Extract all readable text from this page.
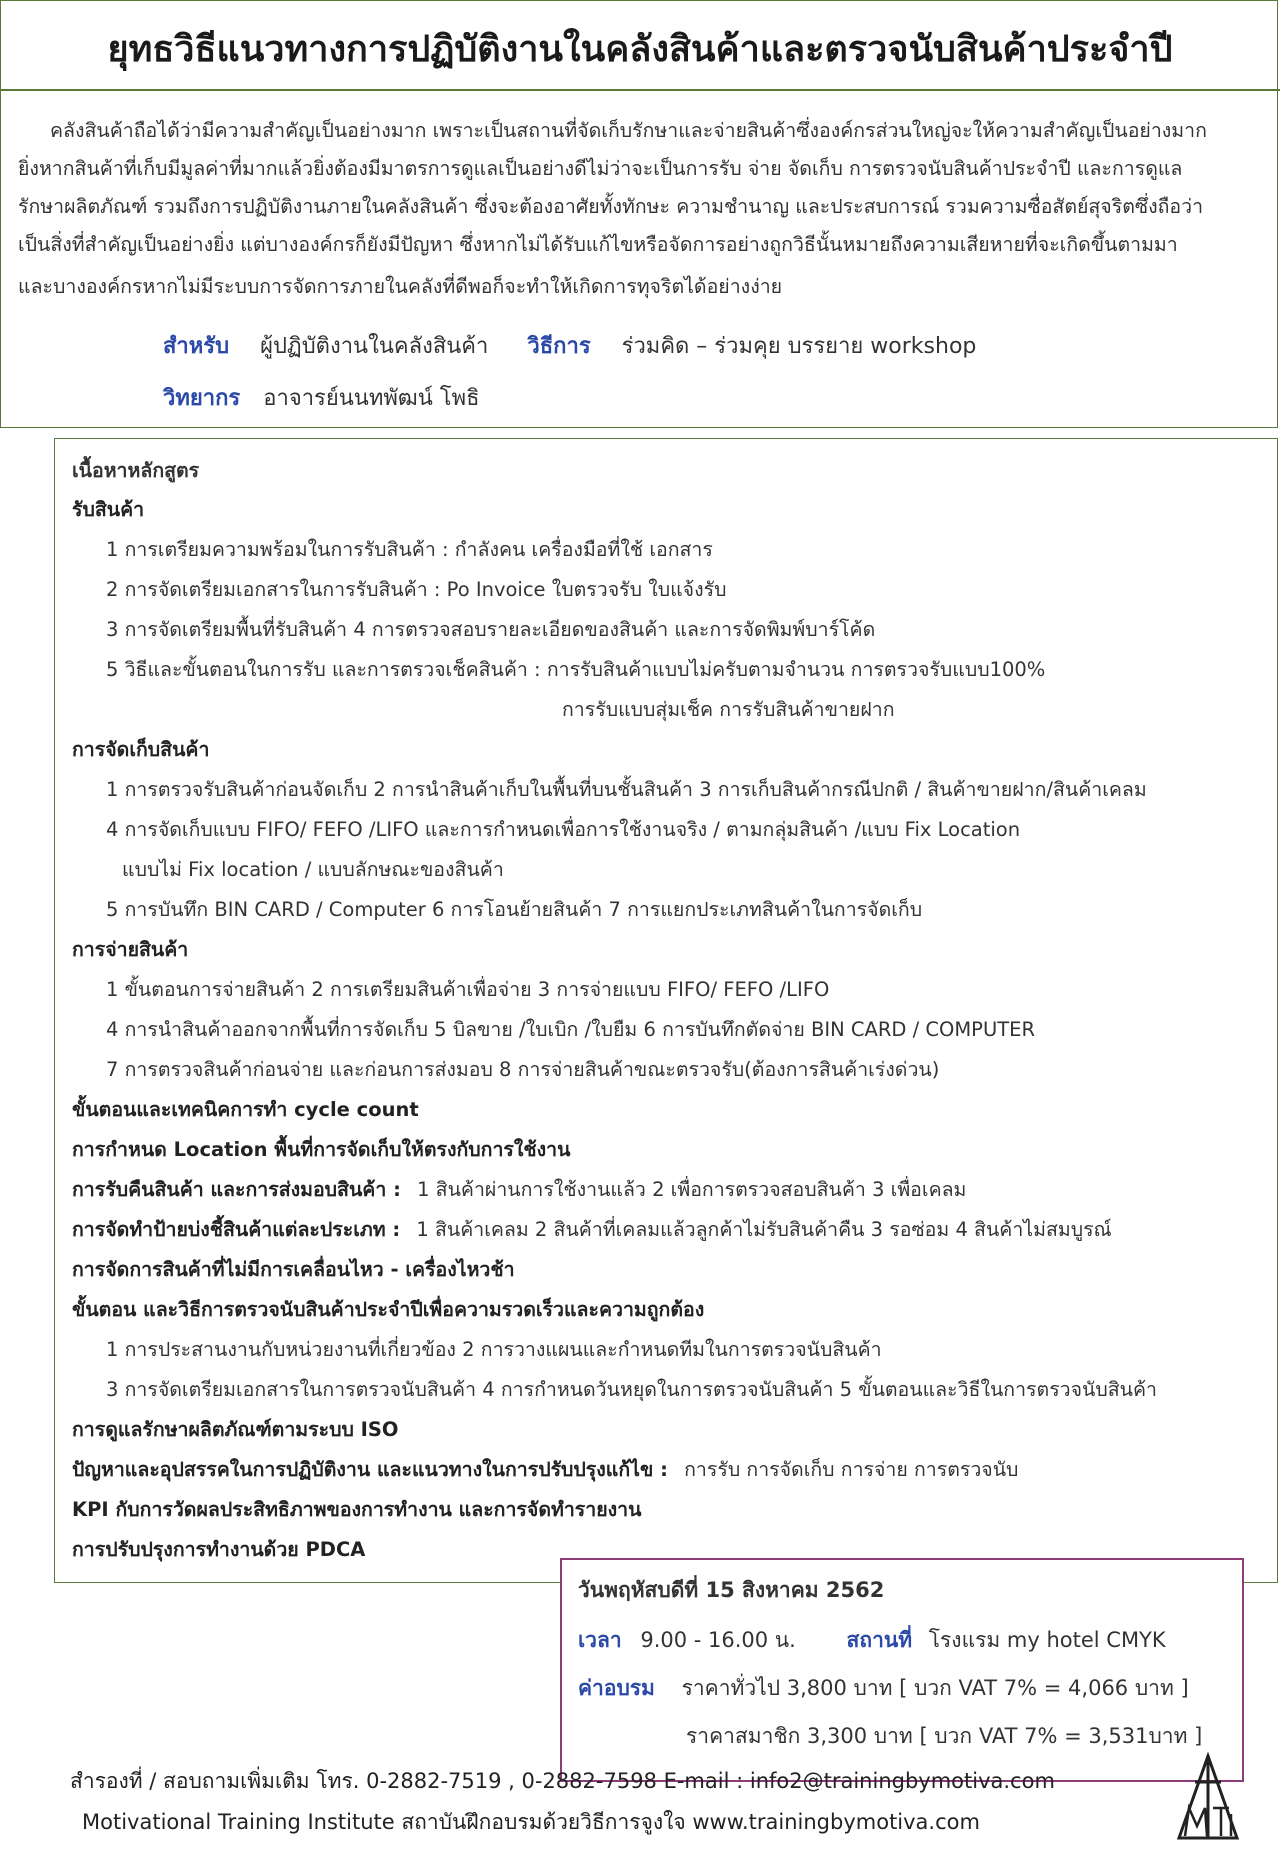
ยุทธวิธีแนวทางการปฏิบัติงานในคลังสินค้าและตรวจนับสินค้าประจำปี

คลังสินค้าถือได้ว่ามีความสำคัญเป็นอย่างมาก เพราะเป็นสถานที่จัดเก็บรักษาและจ่ายสินค้าซึ่งองค์กรส่วนใหญ่จะให้ความสำคัญเป็นอย่างมาก

ยิ่งหากสินค้าที่เก็บมีมูลค่าที่มากแล้วยิ่งต้องมีมาตรการดูแลเป็นอย่างดีไม่ว่าจะเป็นการรับ จ่าย จัดเก็บ การตรวจนับสินค้าประจำปี และการดูแล

รักษาผลิตภัณฑ์ รวมถึงการปฏิบัติงานภายในคลังสินค้า ซึ่งจะต้องอาศัยทั้งทักษะ ความชำนาญ และประสบการณ์ รวมความซื่อสัตย์สุจริตซึ่งถือว่า

เป็นสิ่งที่สำคัญเป็นอย่างยิ่ง แต่บางองค์กรก็ยังมีปัญหา ซึ่งหากไม่ได้รับแก้ไขหรือจัดการอย่างถูกวิธีนั้นหมายถึงความเสียหายที่จะเกิดขึ้นตามมา

และบางองค์กรหากไม่มีระบบการจัดการภายในคลังที่ดีพอก็จะทำให้เกิดการทุจริตได้อย่างง่าย

สำหรับ ผู้ปฏิบัติงานในคลังสินค้า วิธีการ ร่วมคิด – ร่วมคุย บรรยาย workshop
วิทยากร อาจารย์นนทพัฒน์ โพธิ
เนื้อหาหลักสูตร
รับสินค้า
1 การเตรียมความพร้อมในการรับสินค้า : กำลังคน เครื่องมือที่ใช้ เอกสาร
2 การจัดเตรียมเอกสารในการรับสินค้า : Po Invoice ใบตรวจรับ ใบแจ้งรับ
3 การจัดเตรียมพื้นที่รับสินค้า 4 การตรวจสอบรายละเอียดของสินค้า และการจัดพิมพ์บาร์โค้ด
5 วิธีและขั้นตอนในการรับ และการตรวจเช็คสินค้า : การรับสินค้าแบบไม่ครับตามจำนวน การตรวจรับแบบ100%
การรับแบบสุ่มเช็ค การรับสินค้าขายฝาก
การจัดเก็บสินค้า
1 การตรวจรับสินค้าก่อนจัดเก็บ 2 การนำสินค้าเก็บในพื้นที่บนชั้นสินค้า 3 การเก็บสินค้ากรณีปกติ / สินค้าขายฝาก/สินค้าเคลม
4 การจัดเก็บแบบ FIFO/ FEFO /LIFO และการกำหนดเพื่อการใช้งานจริง / ตามกลุ่มสินค้า /แบบ Fix Location
แบบไม่ Fix location / แบบลักษณะของสินค้า
5 การบันทึก BIN CARD / Computer 6 การโอนย้ายสินค้า 7 การแยกประเภทสินค้าในการจัดเก็บ
การจ่ายสินค้า
1 ขั้นตอนการจ่ายสินค้า 2 การเตรียมสินค้าเพื่อจ่าย 3 การจ่ายแบบ FIFO/ FEFO /LIFO
4 การนำสินค้าออกจากพื้นที่การจัดเก็บ 5 บิลขาย /ใบเบิก /ใบยืม 6 การบันทึกตัดจ่าย BIN CARD / COMPUTER
7 การตรวจสินค้าก่อนจ่าย และก่อนการส่งมอบ 8 การจ่ายสินค้าขณะตรวจรับ(ต้องการสินค้าเร่งด่วน)
ขั้นตอนและเทคนิคการทำ cycle count
การกำหนด Location พื้นที่การจัดเก็บให้ตรงกับการใช้งาน
การรับคืนสินค้า และการส่งมอบสินค้า : 1 สินค้าผ่านการใช้งานแล้ว 2 เพื่อการตรวจสอบสินค้า 3 เพื่อเคลม
การจัดทำป้ายบ่งชี้สินค้าแต่ละประเภท : 1 สินค้าเคลม 2 สินค้าที่เคลมแล้วลูกค้าไม่รับสินค้าคืน 3 รอซ่อม 4 สินค้าไม่สมบูรณ์
การจัดการสินค้าที่ไม่มีการเคลื่อนไหว - เครื่องไหวช้า
ขั้นตอน และวิธีการตรวจนับสินค้าประจำปีเพื่อความรวดเร็วและความถูกต้อง
1 การประสานงานกับหน่วยงานที่เกี่ยวข้อง 2 การวางแผนและกำหนดทีมในการตรวจนับสินค้า
3 การจัดเตรียมเอกสารในการตรวจนับสินค้า 4 การกำหนดวันหยุดในการตรวจนับสินค้า 5 ขั้นตอนและวิธีในการตรวจนับสินค้า
การดูแลรักษาผลิตภัณฑ์ตามระบบ ISO
ปัญหาและอุปสรรคในการปฏิบัติงาน และแนวทางในการปรับปรุงแก้ไข : การรับ การจัดเก็บ การจ่าย การตรวจนับ
KPI กับการวัดผลประสิทธิภาพของการทำงาน และการจัดทำรายงาน
การปรับปรุงการทำงานด้วย PDCA
วันพฤหัสบดีที่ 15 สิงหาคม 2562
เวลา 9.00 - 16.00 น. สถานที่ โรงแรม my hotel CMYK
ค่าอบรม ราคาทั่วไป 3,800 บาท [ บวก VAT 7% = 4,066 บาท ]
ราคาสมาชิก 3,300 บาท [ บวก VAT 7% = 3,531บาท ]
สำรองที่ / สอบถามเพิ่มเติม โทร. 0-2882-7519 , 0-2882-7598 E-mail : info2@trainingbymotiva.com
Motivational Training Institute สถาบันฝึกอบรมด้วยวิธีการจูงใจ www.trainingbymotiva.com
